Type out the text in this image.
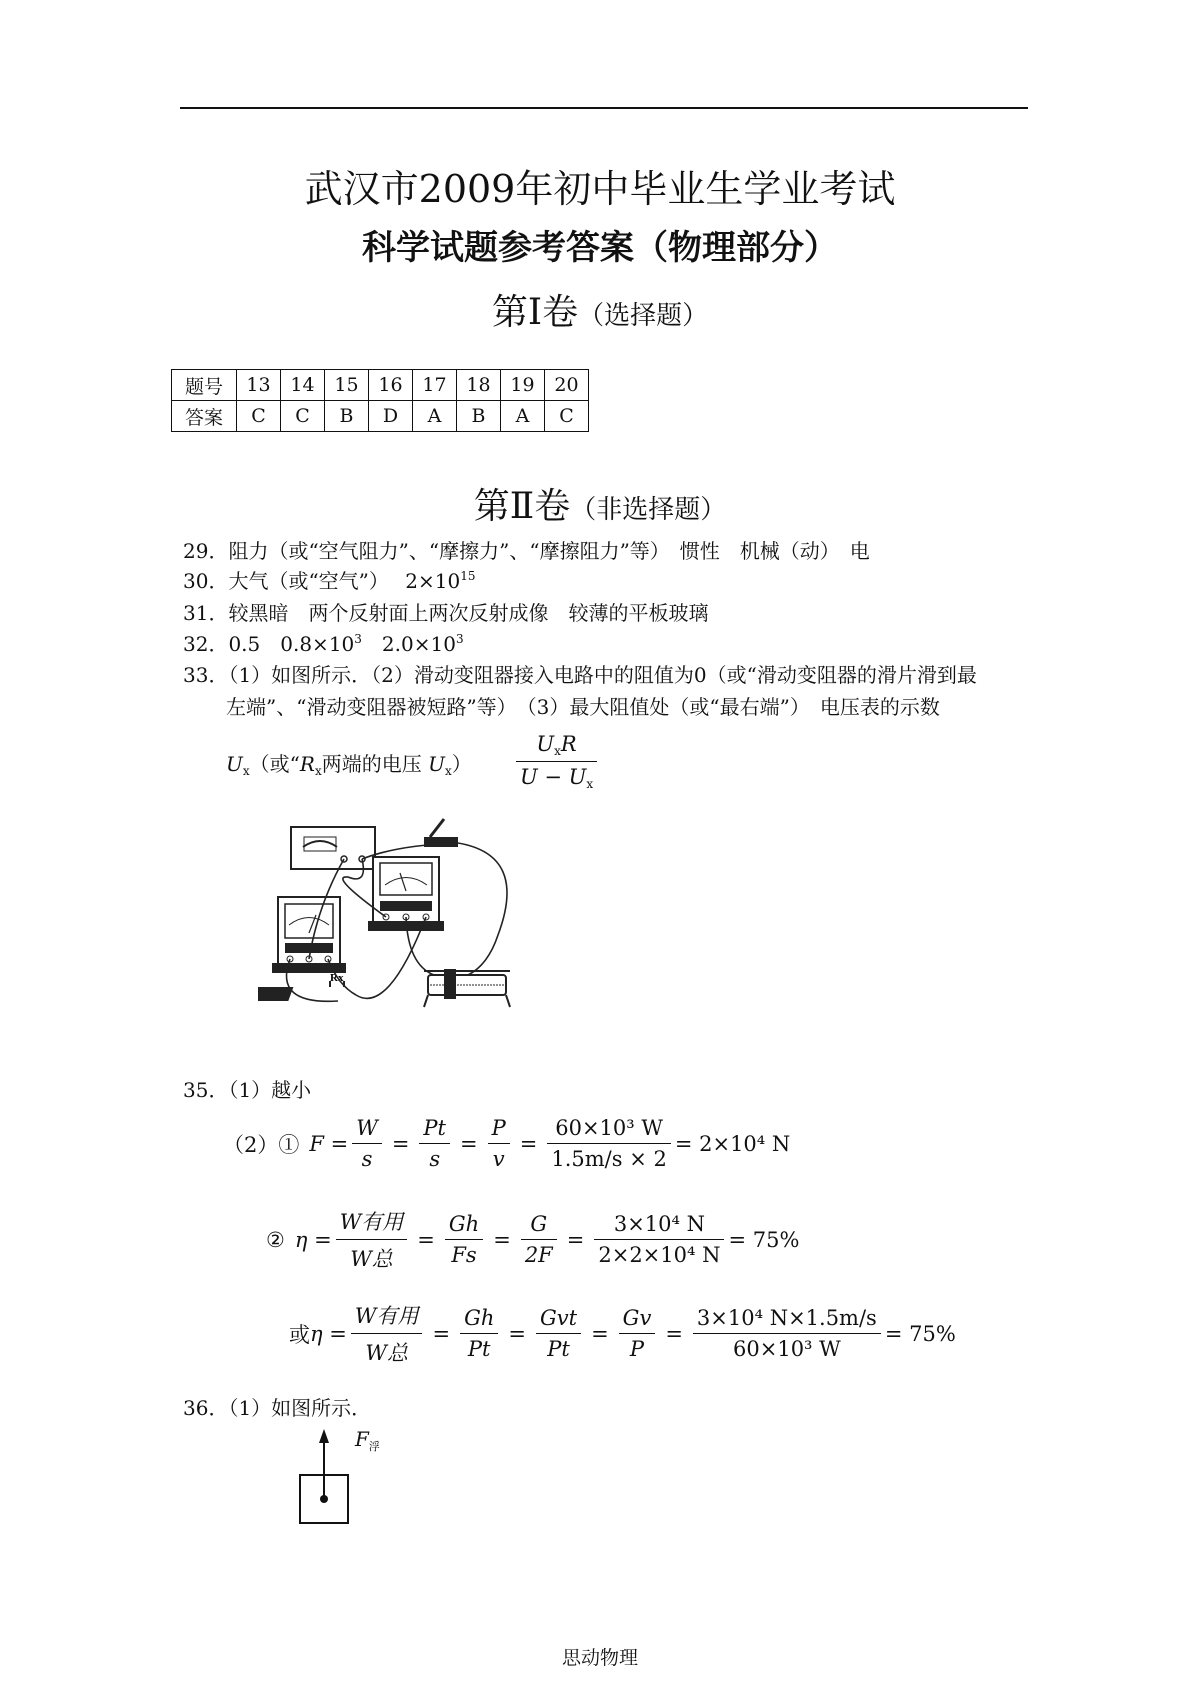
武汉市2009年初中毕业生学业考试
科学试题参考答案（物理部分）
第Ⅰ卷（选择题）
题号	13	14	15	16	17	18	19	20
答案	C	C	B	D	A	B	A	C
第Ⅱ卷（非选择题）
29．阻力（或“空气阻力”、“摩擦力”、“摩擦阻力”等）　惯性　机械（动）　电
30．大气（或“空气”）　 $2\times 10^{15}$
31．较黑暗　两个反射面上两次反射成像　较薄的平板玻璃
32．0.5　$0.8\times 10^3$　$2.0\times 10^3$
33．（1）如图所示．（2）滑动变阻器接入电路中的阻值为0（或“滑动变阻器的滑片滑到最
左端”、“滑动变阻器被短路”等）　（3）最大阻值处（或“最右端”）　电压表的示数
$U_x$（或“$R_x$两端的电压 $U_x) \frac{U_xR}{U - U_x}$
Rx
35．（1）越小
（2）① $F = \frac{W}{s} = \frac{Pt}{s} = \frac{P}{v} = \frac{\text{60×10³ W}}{1.5m/s \times 2} = 2\times 10^4$ N
② $\eta = \frac{\text{W有用}}{\text{W总}} = \frac{Gh}{Fs} = \frac{G}{2F} = \frac{\text{3×10⁴ N}}{\text{2×2×10⁴ N}} = 75\%$
或 $\eta = \frac{\text{W有用}}{\text{W总}} = \frac{Gh}{Pt} = \frac{\text{Gvt}}{Pt} = \frac{Gv}{P} = \frac{\text{3×10⁴ N×1.5m/s}}{\text{60×10³ W}} = 75\%$
36．（1）如图所示．
$F_浮$
思动物理
